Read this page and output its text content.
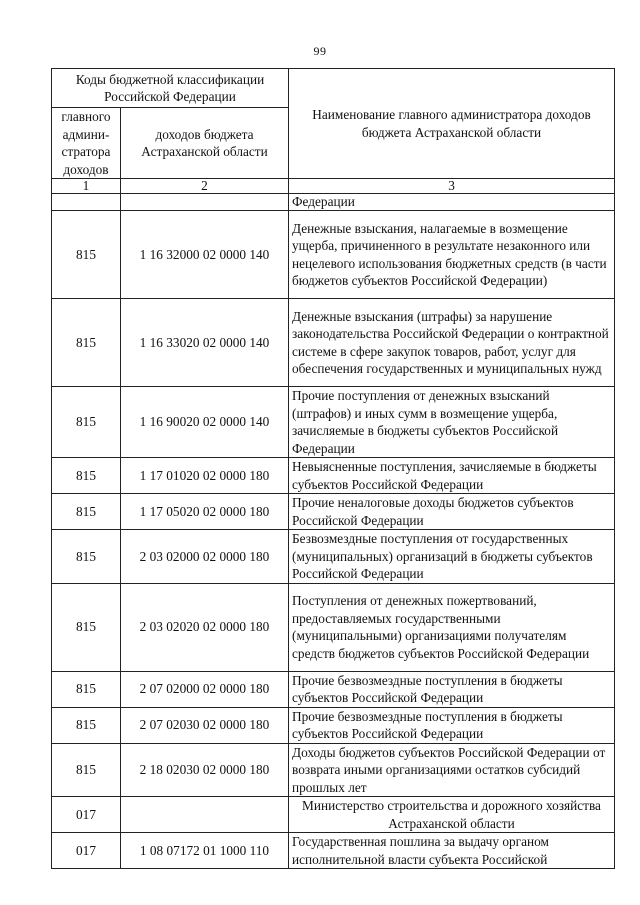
99
Коды бюджетной классификации Российской Федерации		Наименование главного администратора доходов бюджета Астраханской области
главного админи-стратора доходов	доходов бюджета Астраханской области	
1	2	3
		Федерации
815	1 16 32000 02 0000 140	Денежные взыскания, налагаемые в возмещение ущерба, причиненного в результате незаконного или нецелевого использования бюджетных средств (в части бюджетов субъектов Российской Федерации)
815	1 16 33020 02 0000 140	Денежные взыскания (штрафы) за нарушение законодательства Российской Федерации о контрактной системе в сфере закупок товаров, работ, услуг для обеспечения государственных и муниципальных нужд
815	1 16 90020 02 0000 140	Прочие поступления от денежных взысканий (штрафов) и иных сумм в возмещение ущерба, зачисляемые в бюджеты субъектов Российской Федерации
815	1 17 01020 02 0000 180	Невыясненные поступления, зачисляемые в бюджеты субъектов Российской Федерации
815	1 17 05020 02 0000 180	Прочие неналоговые доходы бюджетов субъектов Российской Федерации
815	2 03 02000 02 0000 180	Безвозмездные поступления от государственных (муниципальных) организаций в бюджеты субъектов Российской Федерации
815	2 03 02020 02 0000 180	Поступления от денежных пожертвований, предоставляемых государственными (муниципальными) организациями получателям средств бюджетов субъектов Российской Федерации
815	2 07 02000 02 0000 180	Прочие безвозмездные поступления в бюджеты субъектов Российской Федерации
815	2 07 02030 02 0000 180	Прочие безвозмездные поступления в бюджеты субъектов Российской Федерации
815	2 18 02030 02 0000 180	Доходы бюджетов субъектов Российской Федерации от возврата иными организациями остатков субсидий прошлых лет
017		Министерство строительства и дорожного хозяйства Астраханской области
017	1 08 07172 01 1000 110	Государственная пошлина за выдачу органом исполнительной власти субъекта Российской
